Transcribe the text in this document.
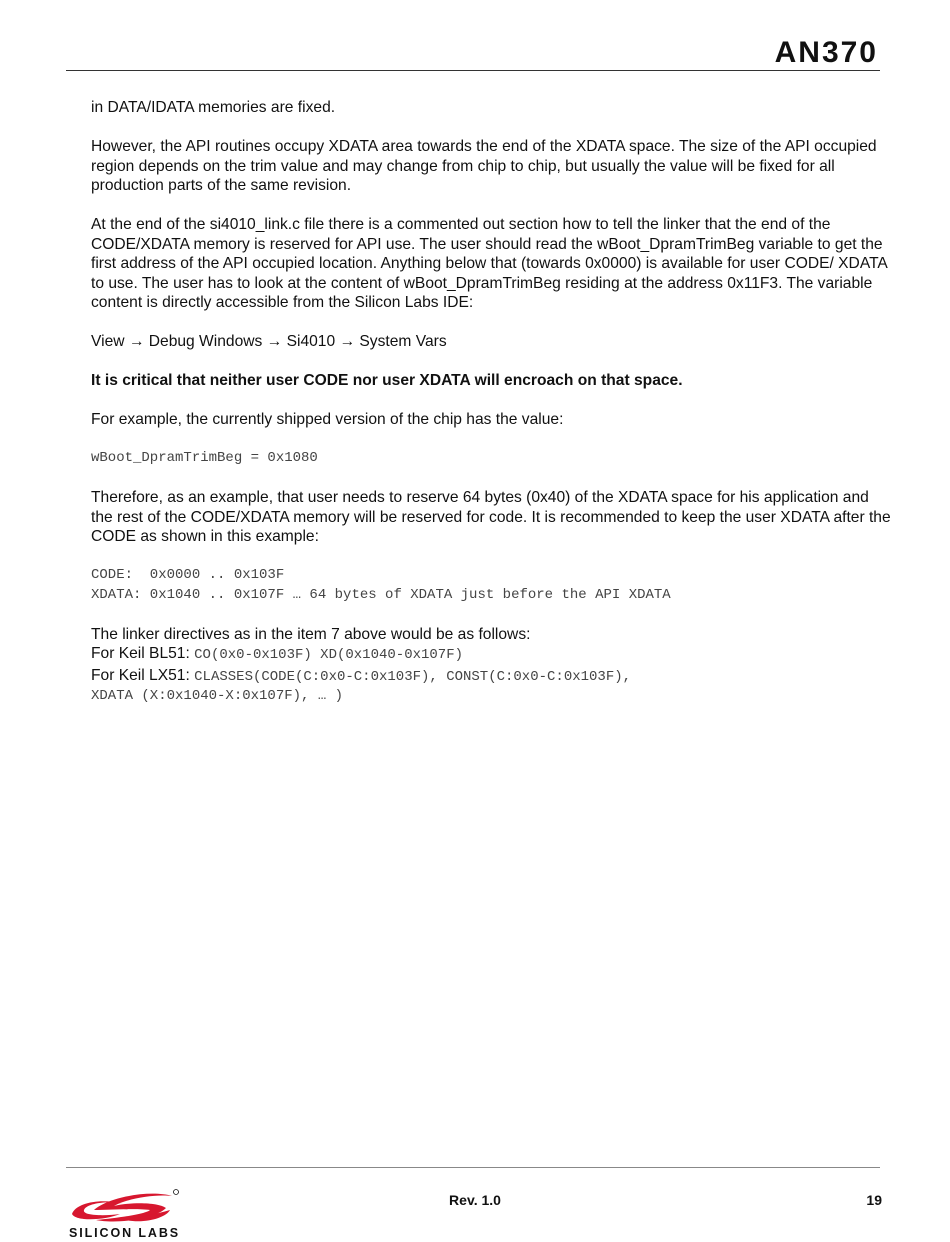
AN370

in DATA/IDATA memories are fixed.

However, the API routines occupy XDATA area towards the end of the XDATA space. The size of the API occupied region depends on the trim value and may change from chip to chip, but usually the value will be fixed for all production parts of the same revision.

At the end of the si4010_link.c file there is a commented out section how to tell the linker that the end of the CODE/XDATA memory is reserved for API use. The user should read the wBoot_DpramTrimBeg variable to get the first address of the API occupied location. Anything below that (towards 0x0000) is available for user CODE/ XDATA to use. The user has to look at the content of wBoot_DpramTrimBeg residing at the address 0x11F3. The variable content is directly accessible from the Silicon Labs IDE:

View → Debug Windows → Si4010 → System Vars

It is critical that neither user CODE nor user XDATA will encroach on that space.

For example, the currently shipped version of the chip has the value:

wBoot_DpramTrimBeg = 0x1080

Therefore, as an example, that user needs to reserve 64 bytes (0x40) of the XDATA space for his application and the rest of the CODE/XDATA memory will be reserved for code. It is recommended to keep the user XDATA after the CODE as shown in this example:

CODE:  0x0000 .. 0x103F

XDATA: 0x1040 .. 0x107F … 64 bytes of XDATA just before the API XDATA

The linker directives as in the item 7 above would be as follows:
For Keil BL51: CO(0x0-0x103F) XD(0x1040-0x107F)
For Keil LX51: CLASSES(CODE(C:0x0-C:0x103F), CONST(C:0x0-C:0x103F),
XDATA (X:0x1040-X:0x107F), … )
SILICON LABS
Rev. 1.0	19
